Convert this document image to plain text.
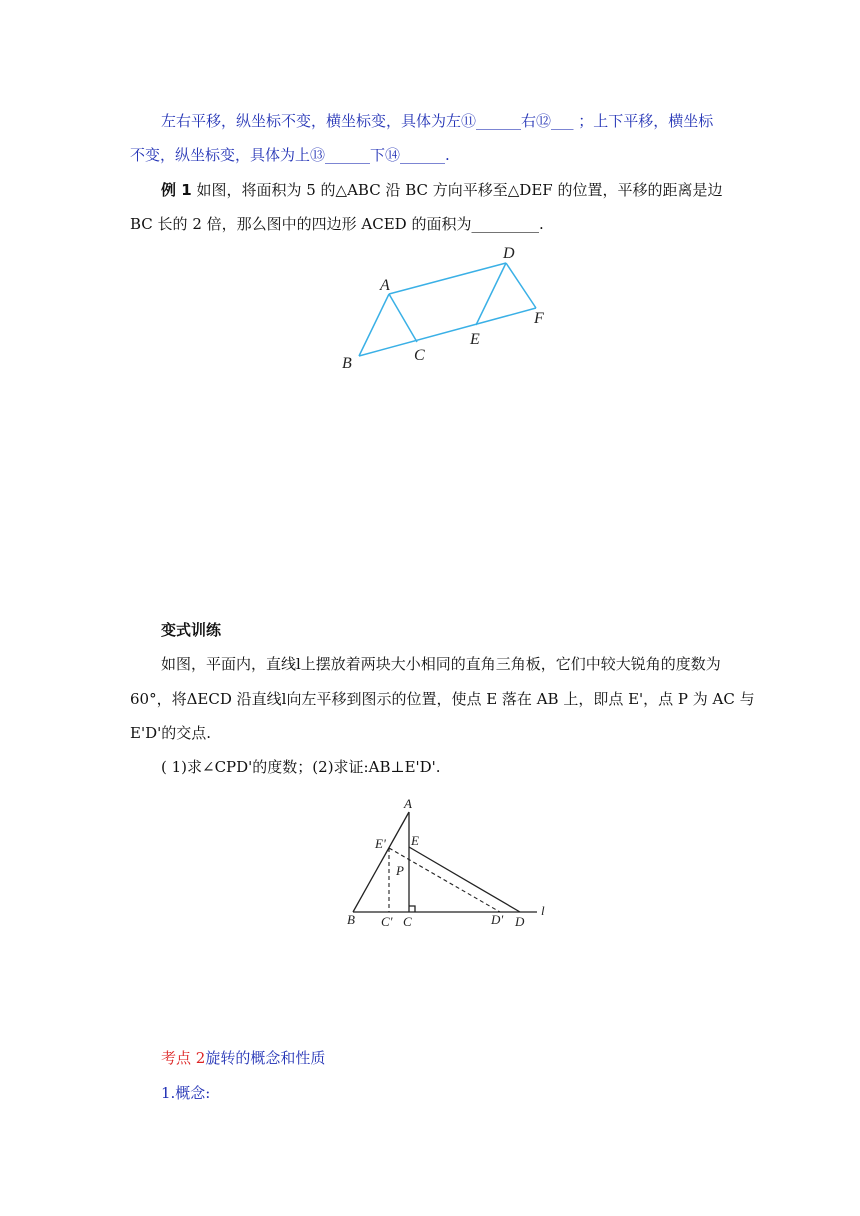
左右平移，纵坐标不变，横坐标变，具体为左⑪______右⑫___ ；上下平移，横坐标
不变，纵坐标变，具体为上⑬______下⑭______.
例 1 如图，将面积为 5 的△ABC 沿 BC 方向平移至△DEF 的位置，平移的距离是边
BC 长的 2 倍，那么图中的四边形 ACED 的面积为_________.
A
B	C
D
E
F
变式训练
如图，平面内，直线l上摆放着两块大小相同的直角三角板，它们中较大锐角的度数为
60°，将ΔECD 沿直线l向左平移到图示的位置，使点 E 落在 AB 上，即点 E'，点 P 为 AC 与
E'D'的交点.
( 1)求∠CPD'的度数；(2)求证:AB⊥E'D'.
A
E' E
P
B C' C	D' D
l
考点 2旋转的概念和性质
1.概念:
